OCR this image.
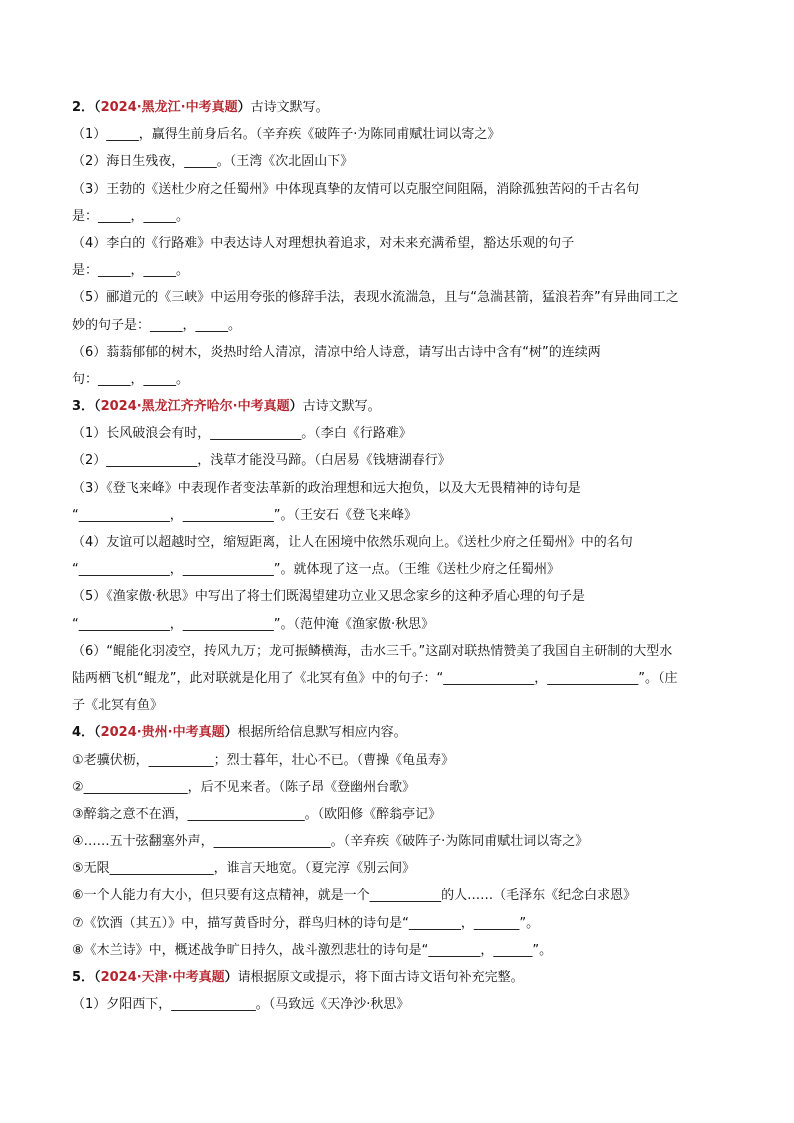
2．（2024·黑龙江·中考真题）古诗文默写。
（1）_____，赢得生前身后名。（辛弃疾《破阵子·为陈同甫赋壮词以寄之》
（2）海日生残夜，_____。（王湾《次北固山下》
（3）王勃的《送杜少府之任蜀州》中体现真挚的友情可以克服空间阻隔，消除孤独苦闷的千古名句
是：_____，_____。
（4）李白的《行路难》中表达诗人对理想执着追求，对未来充满希望，豁达乐观的句子
是：_____，_____。
（5）郦道元的《三峡》中运用夸张的修辞手法，表现水流湍急，且与“急湍甚箭，猛浪若奔”有异曲同工之
妙的句子是：_____，_____。
（6）蓊蓊郁郁的树木，炎热时给人清凉，清凉中给人诗意，请写出古诗中含有“树”的连续两
句：_____，_____。
3．（2024·黑龙江齐齐哈尔·中考真题）古诗文默写。
（1）长风破浪会有时，______________。（李白《行路难》
（2）______________，浅草才能没马蹄。（白居易《钱塘湖春行》
（3）《登飞来峰》中表现作者变法革新的政治理想和远大抱负，以及大无畏精神的诗句是
“______________，______________”。（王安石《登飞来峰》
（4）友谊可以超越时空，缩短距离，让人在困境中依然乐观向上。《送杜少府之任蜀州》中的名句
“______________，______________”。就体现了这一点。（王维《送杜少府之任蜀州》
（5）《渔家傲·秋思》中写出了将士们既渴望建功立业又思念家乡的这种矛盾心理的句子是
“______________，______________”。（范仲淹《渔家傲·秋思》
（6）“鲲能化羽凌空，抟风九万；龙可振鳞横海，击水三千。”这副对联热情赞美了我国自主研制的大型水
陆两栖飞机“鲲龙”，此对联就是化用了《北冥有鱼》中的句子：“______________，______________”。（庄
子《北冥有鱼》
4．（2024·贵州·中考真题）根据所给信息默写相应内容。
①老骥伏枥，__________；烈士暮年，壮心不已。（曹操《龟虽寿》
②________________，后不见来者。（陈子昂《登幽州台歌》
③醉翁之意不在酒，__________________。（欧阳修《醉翁亭记》
④……五十弦翻塞外声，__________________。（辛弃疾《破阵子·为陈同甫赋壮词以寄之》
⑤无限________________，谁言天地宽。（夏完淳《别云间》
⑥一个人能力有大小，但只要有这点精神，就是一个___________的人……（毛泽东《纪念白求恩》
⑦《饮酒（其五）》中，描写黄昏时分，群鸟归林的诗句是“________，_______”。
⑧《木兰诗》中，概述战争旷日持久，战斗激烈悲壮的诗句是“________，______”。
5．（2024·天津·中考真题）请根据原文或提示，将下面古诗文语句补充完整。
（1）夕阳西下，_____________。（马致远《天净沙·秋思》
